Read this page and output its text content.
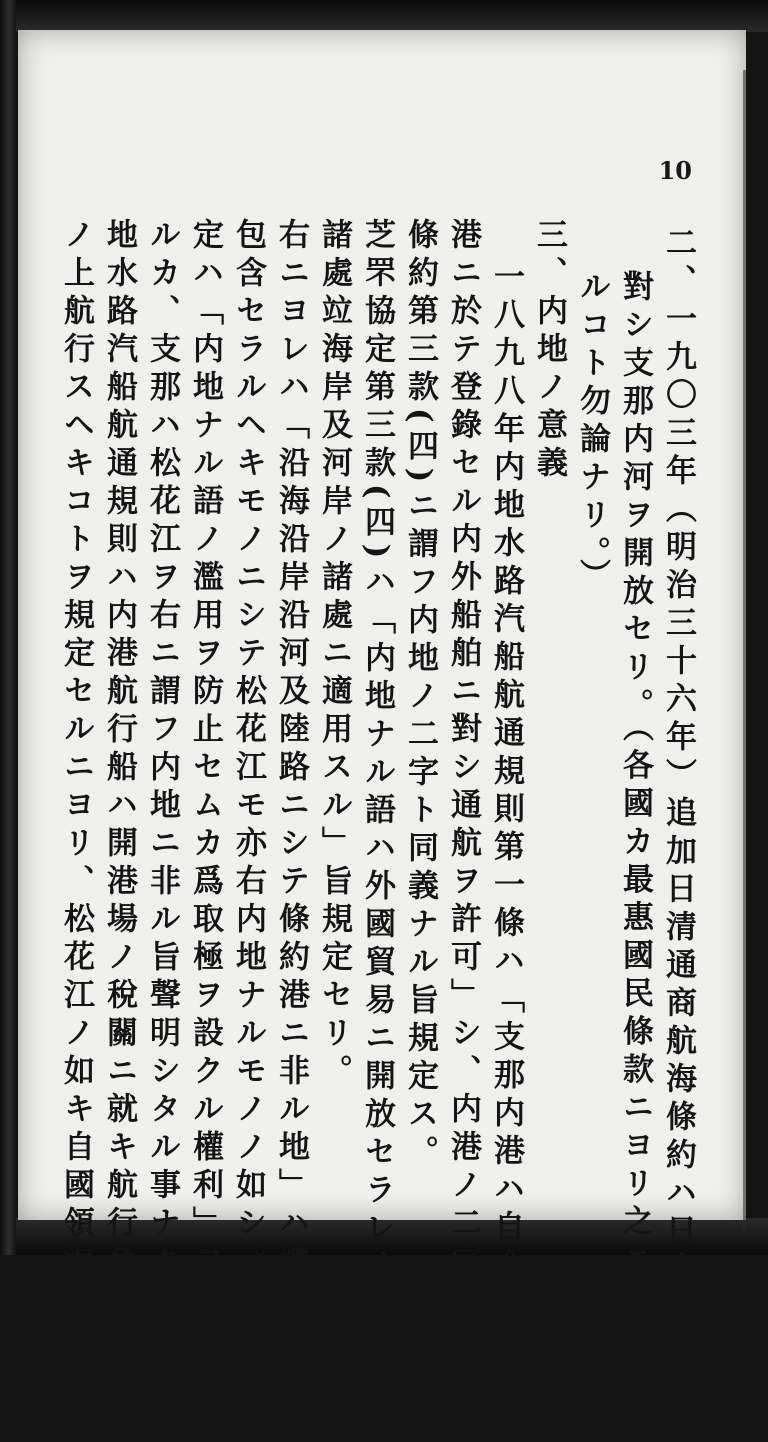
10
二、一九〇三年（明治三十六年）追加日清通商航海條約ハ日本國汽船ニ
對シ支那内河ヲ開放セリ。（各國カ最惠國民條款ニヨリ之ニ均霑ス
ルコト勿論ナリ。）
三、内地ノ意義
一八九八年内地水路汽船航通規則第一條ハ「支那内港ハ自今特ニ通商
港ニ於テ登錄セル内外船舶ニ對シ通航ヲ許可」シ、内港ノ二字ハ芝罘
條約第三款(四)ニ謂フ内地ノ二字ト同義ナル旨規定ス。
芝罘協定第三款(四)ハ「内地ナル語ハ外國貿易ニ開放セラレサル内地ノ
諸處竝海岸及河岸ノ諸處ニ適用スル」旨規定セリ。
右ニヨレハ「沿海沿岸沿河及陸路ニシテ條約港ニ非ル地」ハ總テ之ニ
包含セラルヘキモノニシテ松花江モ亦右内地ナルモノノ如シ。芝罘協
定ハ「内地ナル語ノ濫用ヲ防止セムカ爲取極ヲ設クル權利」ヲ留保セ
ルカ、支那ハ松花江ヲ右ニ謂フ内地ニ非ル旨聲明シタル事ナク、且内
地水路汽船航通規則ハ内港航行船ハ開港場ノ稅關ニ就キ航行免狀受領
ノ上航行スヘキコトヲ規定セルニヨリ、松花江ノ如キ自國領海ニ放流
